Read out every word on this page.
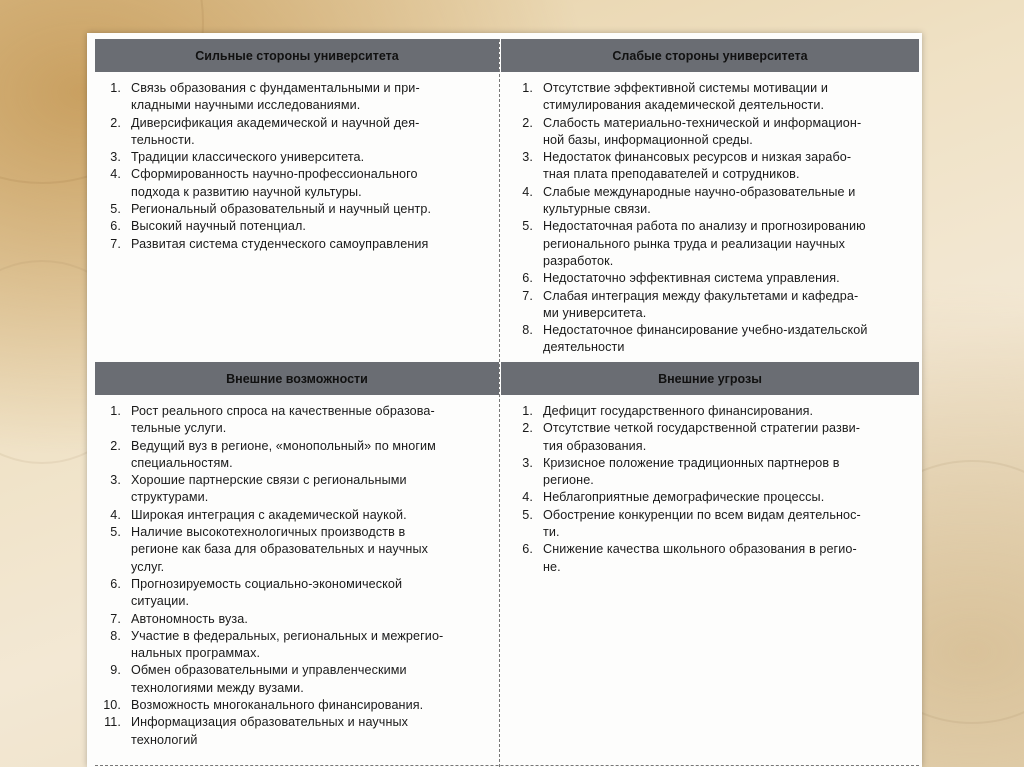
Сильные стороны университета	Слабые стороны университета
1. Связь образования с фундаментальными и при-
кладными научными исследованиями.
2. Диверсификация академической и научной дея-
тельности.
3. Традиции классического университета.
4. Сформированность научно-профессионального
подхода к развитию научной культуры.
5. Региональный образовательный и научный центр.
6. Высокий научный потенциал.
7. Развитая система студенческого самоуправления
1. Отсутствие эффективной системы мотивации и
стимулирования академической деятельности.
2. Слабость материально-технической и информацион-
ной базы, информационной среды.
3. Недостаток финансовых ресурсов и низкая зарабо-
тная плата преподавателей и сотрудников.
4. Слабые международные научно-образовательные и
культурные связи.
5. Недостаточная работа по анализу и прогнозированию
регионального рынка труда и реализации научных
разработок.
6. Недостаточно эффективная система управления.
7. Слабая интеграция между факультетами и кафедра-
ми университета.
8. Недостаточное финансирование учебно-издательской
деятельности
Внешние возможности	Внешние угрозы
1. Рост реального спроса на качественные образова-
тельные услуги.
2. Ведущий вуз в регионе, «монопольный» по многим
специальностям.
3. Хорошие партнерские связи с региональными
структурами.
4. Широкая интеграция с академической наукой.
5. Наличие высокотехнологичных производств в
регионе как база для образовательных и научных
услуг.
6. Прогнозируемость социально-экономической
ситуации.
7. Автономность вуза.
8. Участие в федеральных, региональных и межрегио-
нальных программах.
9. Обмен образовательными и управленческими
технологиями между вузами.
10. Возможность многоканального финансирования.
11. Информацизация образовательных и научных
технологий
1. Дефицит государственного финансирования.
2. Отсутствие четкой государственной стратегии разви-
тия образования.
3. Кризисное положение традиционных партнеров в
регионе.
4. Неблагоприятные демографические процессы.
5. Обострение конкуренции по всем видам деятельнос-
ти.
6. Снижение качества школьного образования в регио-
не.
